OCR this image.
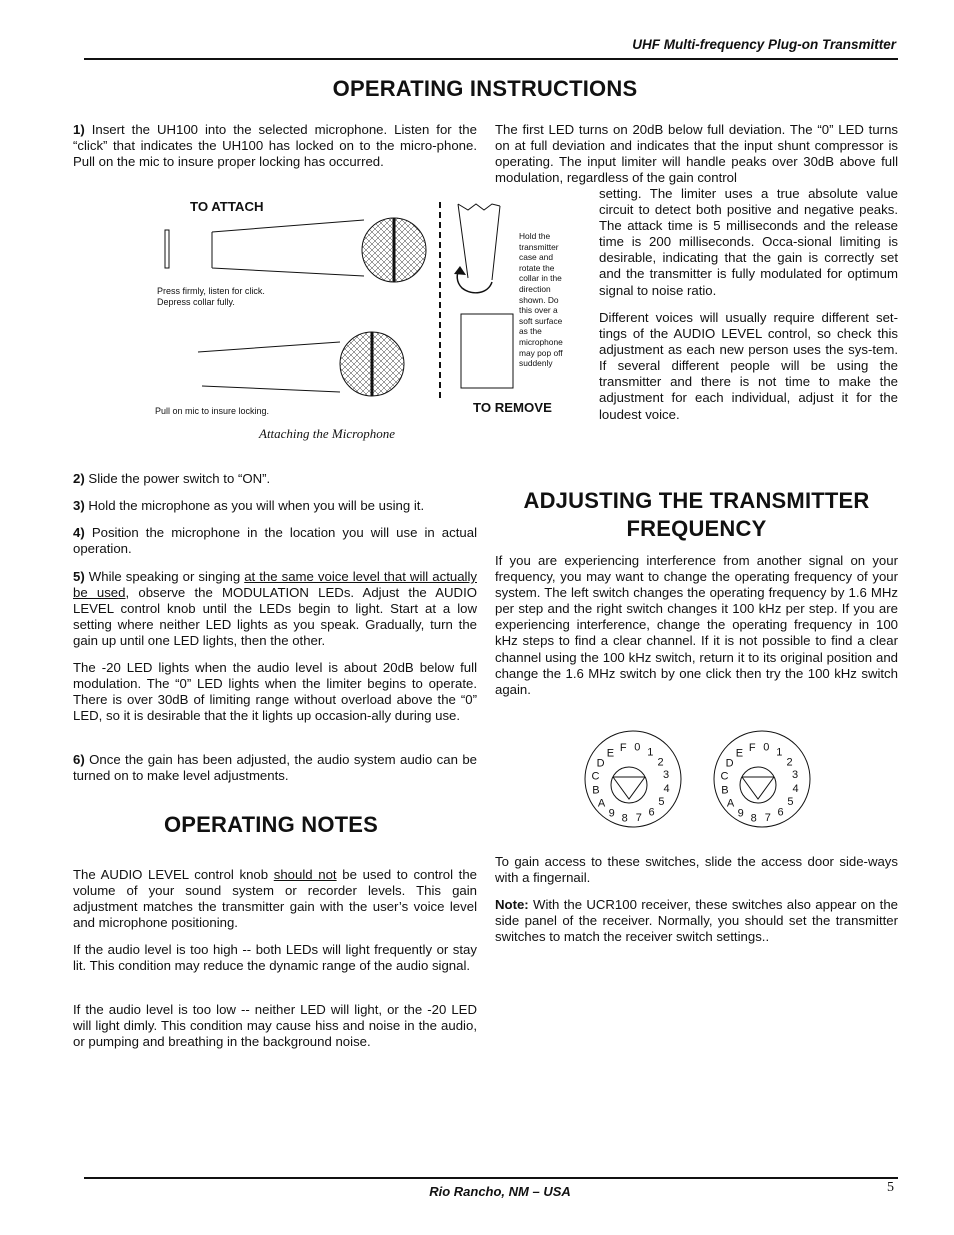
UHF Multi-frequency Plug-on Transmitter
OPERATING INSTRUCTIONS

1) Insert the UH100 into the selected microphone. Listen for the “click” that indicates the UH100 has locked on to the micro-phone. Pull on the mic to insure proper locking has occurred.

TO ATTACH
Press firmly, listen for click.
Depress collar fully.
Pull on mic to insure locking.
Hold the
transmitter
case and
rotate the
collar in the
direction
shown. Do
this over a
soft surface
as the
microphone
may pop off
suddenly
TO REMOVE
Attaching the Microphone

2) Slide the power switch to “ON”.

3) Hold the microphone as you will when you will be using it.

4) Position the microphone in the location you will use in actual operation.

5) While speaking or singing at the same voice level that will actually be used, observe the MODULATION LEDs. Adjust the AUDIO LEVEL control knob until the LEDs begin to light. Start at a low setting where neither LED lights as you speak. Gradually, turn the gain up until one LED lights, then the other.

The -20 LED lights when the audio level is about 20dB below full modulation. The “0” LED lights when the limiter begins to operate. There is over 30dB of limiting range without overload above the “0” LED, so it is desirable that the it lights up occasion-ally during use.

6) Once the gain has been adjusted, the audio system audio can be turned on to make level adjustments.

OPERATING NOTES

The AUDIO LEVEL control knob should not be used to control the volume of your sound system or recorder levels. This gain adjustment matches the transmitter gain with the user’s voice level and microphone positioning.

If the audio level is too high -- both LEDs will light frequently or stay lit. This condition may reduce the dynamic range of the audio signal.

If the audio level is too low -- neither LED will light, or the -20 LED will light dimly. This condition may cause hiss and noise in the audio, or pumping and breathing in the background noise.

The first LED turns on 20dB below full deviation. The “0” LED turns on at full deviation and indicates that the input shunt compressor is operating. The input limiter will handle peaks over 30dB above full modulation, regardless of the gain control

setting. The limiter uses a true absolute value circuit to detect both positive and negative peaks. The attack time is 5 milliseconds and the release time is 200 milliseconds. Occa-sional limiting is desirable, indicating that the gain is correctly set and the transmitter is fully modulated for optimum signal to noise ratio.

Different voices will usually require different set-tings of the AUDIO LEVEL control, so check this adjustment as each new person uses the sys-tem. If several different people will be using the transmitter and there is not time to make the adjustment for each individual, adjust it for the loudest voice.

ADJUSTING THE TRANSMITTER
FREQUENCY

If you are experiencing interference from another signal on your frequency, you may want to change the operating frequency of your system. The left switch changes the operating frequency by 1.6 MHz per step and the right switch changes it 100 kHz per step. If you are experiencing interference, change the operating frequency in 100 kHz steps to find a clear channel. If it is not possible to find a clear channel using the 100 kHz switch, return it to its original position and change the 1.6 MHz switch by one click then try the 100 kHz switch again.

0 1
2
3
4
5
6
7
8
9
A
B
C
D
E F	0 1
2
3
4
5
6
7
8
9
A
B
C
D
E F

To gain access to these switches, slide the access door side-ways with a fingernail.

Note: With the UCR100 receiver, these switches also appear on the side panel of the receiver. Normally, you should set the transmitter switches to match the receiver switch settings..

Rio Rancho, NM – USA	5
